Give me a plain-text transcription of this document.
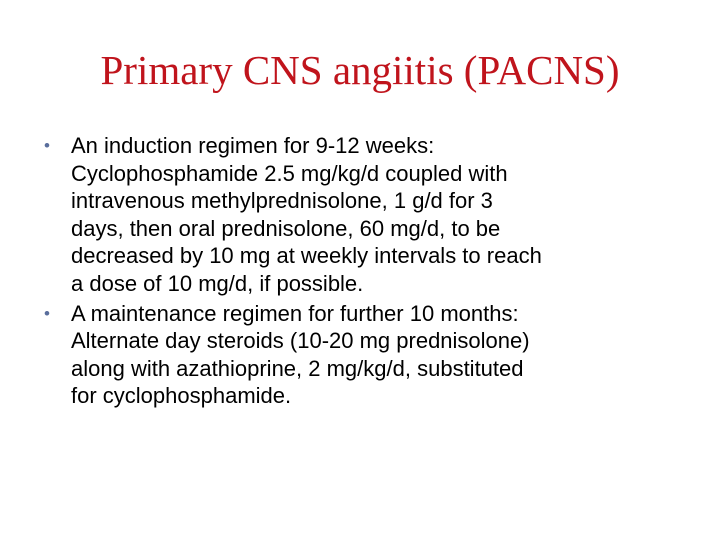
Primary CNS angiitis (PACNS)
• An induction regimen for 9-12 weeks:
Cyclophosphamide 2.5 mg/kg/d coupled with
intravenous methylprednisolone, 1 g/d for 3
days, then oral prednisolone, 60 mg/d, to be
decreased by 10 mg at weekly intervals to reach
a dose of 10 mg/d, if possible.
• A maintenance regimen for further 10 months:
Alternate day steroids (10-20 mg prednisolone)
along with azathioprine, 2 mg/kg/d, substituted
for cyclophosphamide.
